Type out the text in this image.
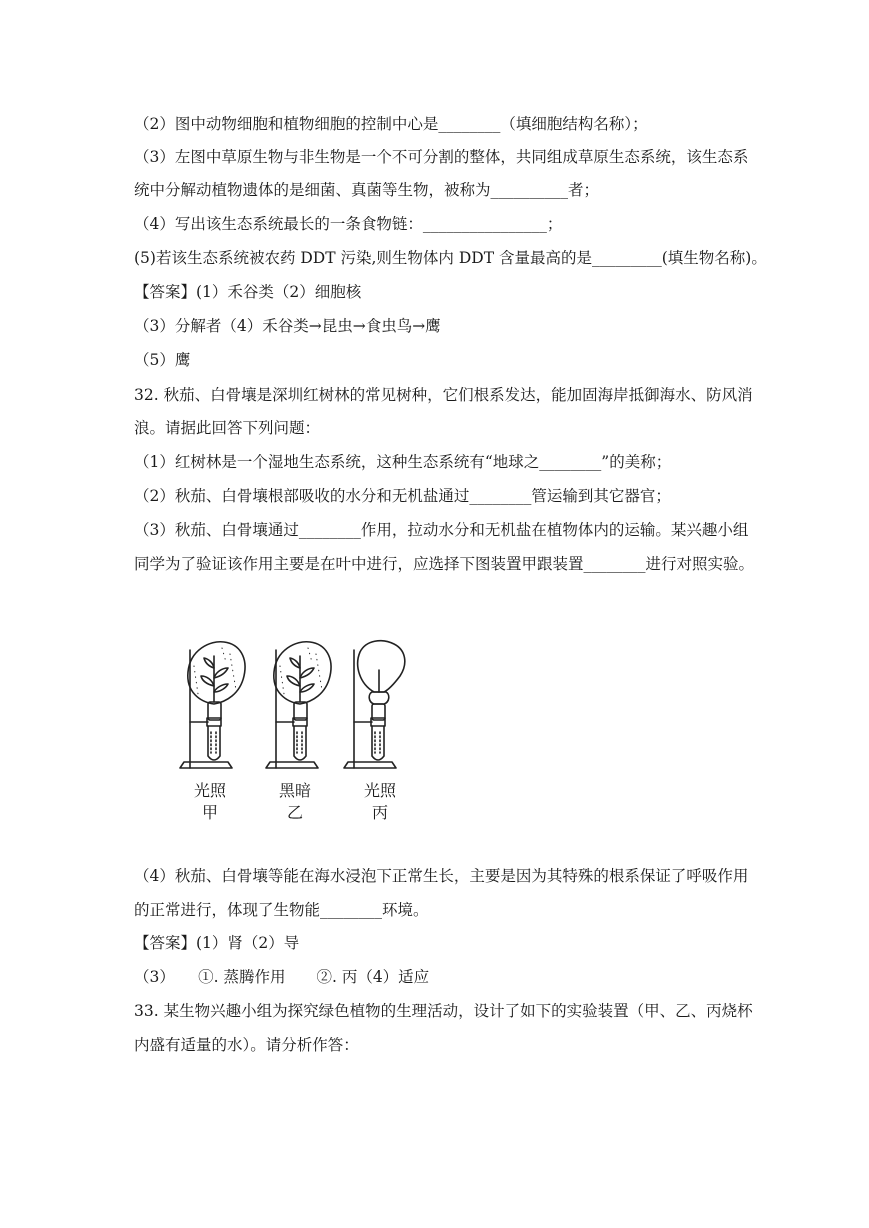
（2）图中动物细胞和植物细胞的控制中心是________（填细胞结构名称）；
（3）左图中草原生物与非生物是一个不可分割的整体，共同组成草原生态系统，该生态系
统中分解动植物遗体的是细菌、真菌等生物，被称为__________者；
（4）写出该生态系统最长的一条食物链：________________；
(5)若该生态系统被农药 DDT 污染,则生物体内 DDT 含量最高的是_________(填生物名称)。
【答案】(1）禾谷类（2）细胞核
（3）分解者（4）禾谷类→昆虫→食虫鸟→鹰
（5）鹰
32. 秋茄、白骨壤是深圳红树林的常见树种，它们根系发达，能加固海岸抵御海水、防风消
浪。请据此回答下列问题：
（1）红树林是一个湿地生态系统，这种生态系统有“地球之________”的美称；
（2）秋茄、白骨壤根部吸收的水分和无机盐通过________管运输到其它器官；
（3）秋茄、白骨壤通过________作用，拉动水分和无机盐在植物体内的运输。某兴趣小组
同学为了验证该作用主要是在叶中进行，应选择下图装置甲跟装置________进行对照实验。
光照
甲
黑暗
乙
光照
丙
（4）秋茄、白骨壤等能在海水浸泡下正常生长，主要是因为其特殊的根系保证了呼吸作用
的正常进行，体现了生物能________环境。
【答案】(1）肾（2）导
（3）　　①. 蒸腾作用　　②. 丙（4）适应
33. 某生物兴趣小组为探究绿色植物的生理活动，设计了如下的实验装置（甲、乙、丙烧杯
内盛有适量的水）。请分析作答：
